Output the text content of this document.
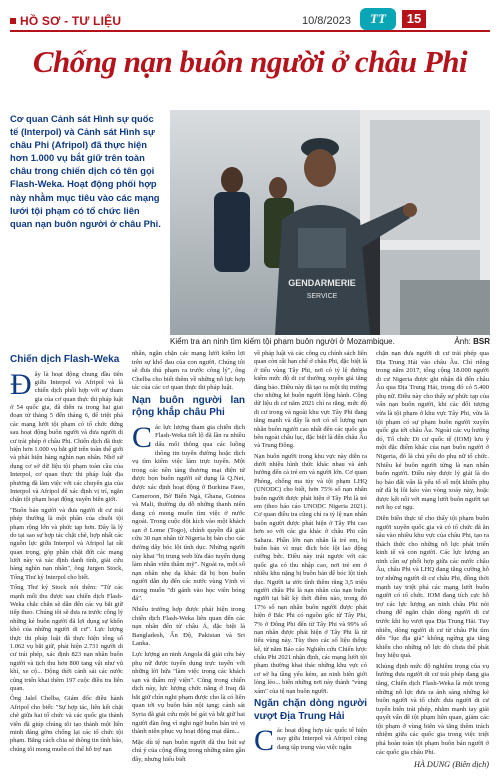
HỒ SƠ - TƯ LIỆU	10/8/2023	TT	15
Chống nạn buôn người ở châu Phi
Cơ quan Cảnh sát Hình sự quốc tế (Interpol) và Cảnh sát Hình sự châu Phi (Afripol) đã thực hiện hơn 1.000 vụ bắt giữ trên toàn châu trong chiến dịch có tên gọi Flash-Weka. Hoạt động phối hợp này nhằm mục tiêu vào các mạng lưới tội phạm có tổ chức liên quan nạn buôn người ở châu Phi.
GENDARMERIE
SERVICE
Kiểm tra an ninh tìm kiếm tội phạm buôn người ở Mozambique.	Ảnh: BSR
Chiến dịch Flash-Weka

Đây là hoạt động chung đầu tiên giữa Interpol và Afripol và là chiến dịch phối hợp với sự tham gia của cơ quan thực thi pháp luật ở 54 quốc gia, đã diễn ra trong hai giai đoạn từ tháng 5 đến tháng 6, để triệt phá các mạng lưới tội phạm có tổ chức đứng sau hoạt động buôn người và đưa người di cư trái phép ở châu Phi. Chiến dịch đã thực hiện hơn 1.000 vụ bắt giữ trên toàn thế giới và phát hiện hàng nghìn nạn nhân. Nhờ sử dụng cơ sở dữ liệu tội phạm toàn cầu của Interpol, cơ quan thực thi pháp luật địa phương đã làm việc với các chuyên gia của Interpol và Afripol để xác định vị trí, ngăn chặn tội phạm hoạt động xuyên biên giới.

"Buôn bán người và đưa người di cư trái phép thường là một phần của chuỗi tội phạm rộng lớn và phức tạp hơn. Đây là lý do tại sao sự hợp tác chặt chẽ, hợp nhất các nguồn lực giữa Interpol và Afripol lại rất quan trọng, góp phần chặt đứt các mạng lưới này và xác định danh tính, giải cứu hàng nghìn nạn nhân", ông Jurgen Stock, Tổng Thư ký Interpol cho biết.

Tổng Thư ký Stock nói thêm: "Từ các mạnh mối thu được sau chiến dịch Flash-Weka chắc chắn sẽ dẫn đến các vụ bắt giữ tiếp theo. Chúng tôi sẽ đưa ra trước công lý những kẻ buôn người đã lợi dụng sự khốn khó của những người di cư". Lực lượng thực thi pháp luật đã thực hiện tổng số 1.062 vụ bắt giữ, phát hiện 2.731 người di cư trái phép, xác định 823 nạn nhân buôn người và tịch thu hơn 800 tang vật như vũ khí, xe cộ... Động thời cảnh sát các nước cũng triển khai thêm 197 cuộc điều tra liên quan.

Ông Jalel Chelba, Giám đốc điều hành Afripol cho biết: "Sự hợp tác, liên kết chặt chẽ giữa hai tổ chức và các quốc gia thành viên đã giúp chúng tôi tạo thành một liên minh đáng gờm chống lại các tổ chức tội phạm. Bằng cách chia sẻ thông tin tình báo, chúng tôi mong muốn có thể hỗ trợ nạn

nhân, ngăn chặn các mạng lưới kiếm lợi trên sự khổ đau của con người. Chúng tôi sẽ đưa thủ phạm ra trước công lý", ông Chelba cho biết thêm về những nỗ lực hợp tác của các cơ quan thực thi pháp luật.

Nạn buôn người lan rộng khắp châu Phi

Các lực lượng tham gia chiến dịch Flash-Weka tiết lộ đã lần ra nhiều dấu mối thông qua các luồng thông tin tuyến đường hoặc dịch vụ tìm kiếm việc làm trực tuyến. Một trong các nền tảng thương mại điện tử được bọn buôn người sử dụng là Q.Net, được xác định hoạt động ở Burkina Faso, Cameroon, Bờ Biển Ngà, Ghana, Guinea và Mali, thường dụ dỗ những thanh niên đang có mong muốn tìm việc ở nước ngoài. Trong cuộc đột kích vào một khách sạn ở Lome (Togo), chính quyền đã giải cứu 30 nạn nhân từ Nigeria bị bán cho các đường dây bóc lột tình dục. Những người này khai "bị trung web lừa đảo tuyển dụng làm nhân viên thẩm mỹ". Ngoài ra, một số nạn nhân nhẹ dạ khác đã bị bọn buôn người dẫn dụ đến các nước vùng Vịnh vì mong muốn "đi gánh vào học viên bóng đá".

Nhiều trường hợp được phát hiện trong chiến dịch Flash-Weka liên quan đến các nạn nhân đến từ châu Á, đặc biệt là Bangladesh, Ấn Độ, Pakistan và Sri Lanka.

Lực lượng an ninh Angola đã giải cứu bảy phụ nữ được tuyển dụng trực tuyến với những lời hứa "làm việc trong các khách sạn và thẩm mỹ viện". Cũng trong chiến dịch này, lực lượng chức năng ở Iraq đã bắt giữ chín nghi phạm được cho là có liên quan tới vụ buôn bán nội tạng; cảnh sát Syria đã giải cứu một bé gái và bắt giữ hai người đàn ông vì nghi ngờ buôn bán trẻ vị thành niên phục vụ hoạt động mại dâm...

Mặc dù tệ nạn buôn người đã thu hút sự chú ý của cộng đồng trong những năm gần đây, nhưng hiểu biết

về pháp luật và các công cụ chính sách liên quan còn rất hạn chế ở châu Phi, đặc biệt là ở tiểu vùng Tây Phi, nơi có tỷ lệ đường kiếm mức độ di cư thường xuyên giá tăng đáng bảo. Điều này đã tạo ra một thị trường cho những kẻ buôn người lộng hành. Cộng dữ liệu di cư năm 2021 chỉ ra rằng, mức độ di cư trong và ngoài khu vực Tây Phi đang tăng mạnh và đây là nơi có số lượng nạn nhân buôn người cao nhất đến các quốc gia bên ngoài châu lục, đặc biệt là đến châu Âu và Trung Đông.

Nạn buôn người trong khu vực này diễn ra dưới nhiều hình thức khác nhau và ảnh hưởng đến cả trẻ em và người lớn. Cơ quan Phòng, chống ma túy và tội phạm LHQ (UNODC) cho biết, hơn 75% số nạn nhân buôn người được phát hiện ở Tây Phi là trẻ em (theo báo cáo UNODC Nigeria 2021). Cơ quan điều tra cũng chỉ ra tỷ lệ nạn nhân buôn người được phát hiện ở Tây Phi cao hơn so với các gia khác ở châu Phi cận Sahara. Phần lớn nạn nhân là trẻ em, bị buôn bán vì mục đích bóc lột lao động cưỡng bức. Điều này trái ngược với các quốc gia có thu nhập cao, nơi trẻ em ở nhiều khu nặng bị buôn bán để bóc lột tình dục. Người ta ước tính thêm rằng 3,5 triệu người châu Phi là nạn nhân của nạn buôn người tại bất kỳ thời điểm nào, trong đó 17% số nạn nhân buôn người được phát hiện ở Bắc Phi có nguồn gốc từ Tây Phi, 7% ở Đông Phi đến từ Tây Phi và 99% số nạn nhân được phát hiện ở Tây Phi là từ tiểu vùng này. Tùy theo các số liệu thống kê, từ năm Báo cáo Nghiên cứu Chiến lược châu Phi 2021 nhận định, các mạng lưới tội phạm thường khai thác những khu vực có cơ sở hạ tầng yếu kém, an ninh biên giới lỏng lẻo... biến những nơi này thành "vùng xám" của tệ nạn buôn người.

Ngăn chặn dòng người vượt Địa Trung Hải

Các hoạt động hợp tác quốc tế hiện nay giữa Interpol và Afripol cũng đang tập trung vào việc ngăn

chặn nạn đưa người di cư trái phép qua Địa Trung Hải vào châu Âu. Chỉ riêng trong năm 2017, tổng cộng 18.000 người di cư Nigeria được ghi nhận đã đến châu Âu qua Địa Trung Hải, trong đó có 5.400 phụ nữ. Điều này cho thấy sự phức tạp của vấn nạn buôn người, khi các đối tượng vừa là tội phạm ở khu vực Tây Phi, vừa là tội phạm có sự phạm buôn người xuyên quốc gia tới châu Âu. Ngoài các vụ hướng đó, Tổ chức Di cư quốc tế (IOM) lưu ý một đặc điểm khác của nạn buôn người ở Nigeria, đó là chủ yếu do phụ nữ tổ chức. Nhiều kẻ buôn người từng là nạn nhân buôn người. Điều này được lý giải là do họ bảo đất vấn là yếu tố số một khiến phụ nữ đã bị lôi kéo vào vòng xoáy này, hoặc được kết nối với mạng lưới buôn người tại nơi họ cư ngụ.

Diễn biến thực tế cho thấy tội phạm buôn người xuyên quốc gia và có tổ chức đã ăn sâu vào nhiều khu vực của châu Phi, tạo ra thách thức cho những nỗ lực phát triển kinh tế và con người. Các lực lượng an ninh cần sự phối hợp giữa các nước châu Âu, châu Phi và LHQ đang tăng cường hỗ trợ những người di cư châu Phi, đồng thời mạnh tay triệt phá các mạng lưới buôn người có tổ chức. IOM đang tích cực hỗ trợ các lực lượng an ninh châu Phi nói chung để ngăn chặn dòng người di cư trước khi họ vượt qua Địa Trung Hải. Tuy nhiên, dòng người di cư từ châu Phi tìm đến "lục địa già" không ngừng gia tăng khiến cho những nỗ lực đó chưa thể phát huy hiệu quả.

Khủng định mức độ nghiêm trọng của vụ hướng đưa người di cư trái phép đang gia tăng, Chiến dịch Flash-Weka là một trong những nỗ lực đưa ra ánh sáng những kẻ buôn người và tổ chức đưa người di cư tuyến biển trái phép, nhằm mạnh tay giải quyết vấn đề tội phạm liên quan, giảm các tội phạm ở vùng biên và tăng thêm trách nhiệm giữa các quốc gia trong việc triệt phá hoàn toàn tội phạm buôn bán người ở các quốc gia châu Phi.

HÀ DUNG (Biên dịch)
